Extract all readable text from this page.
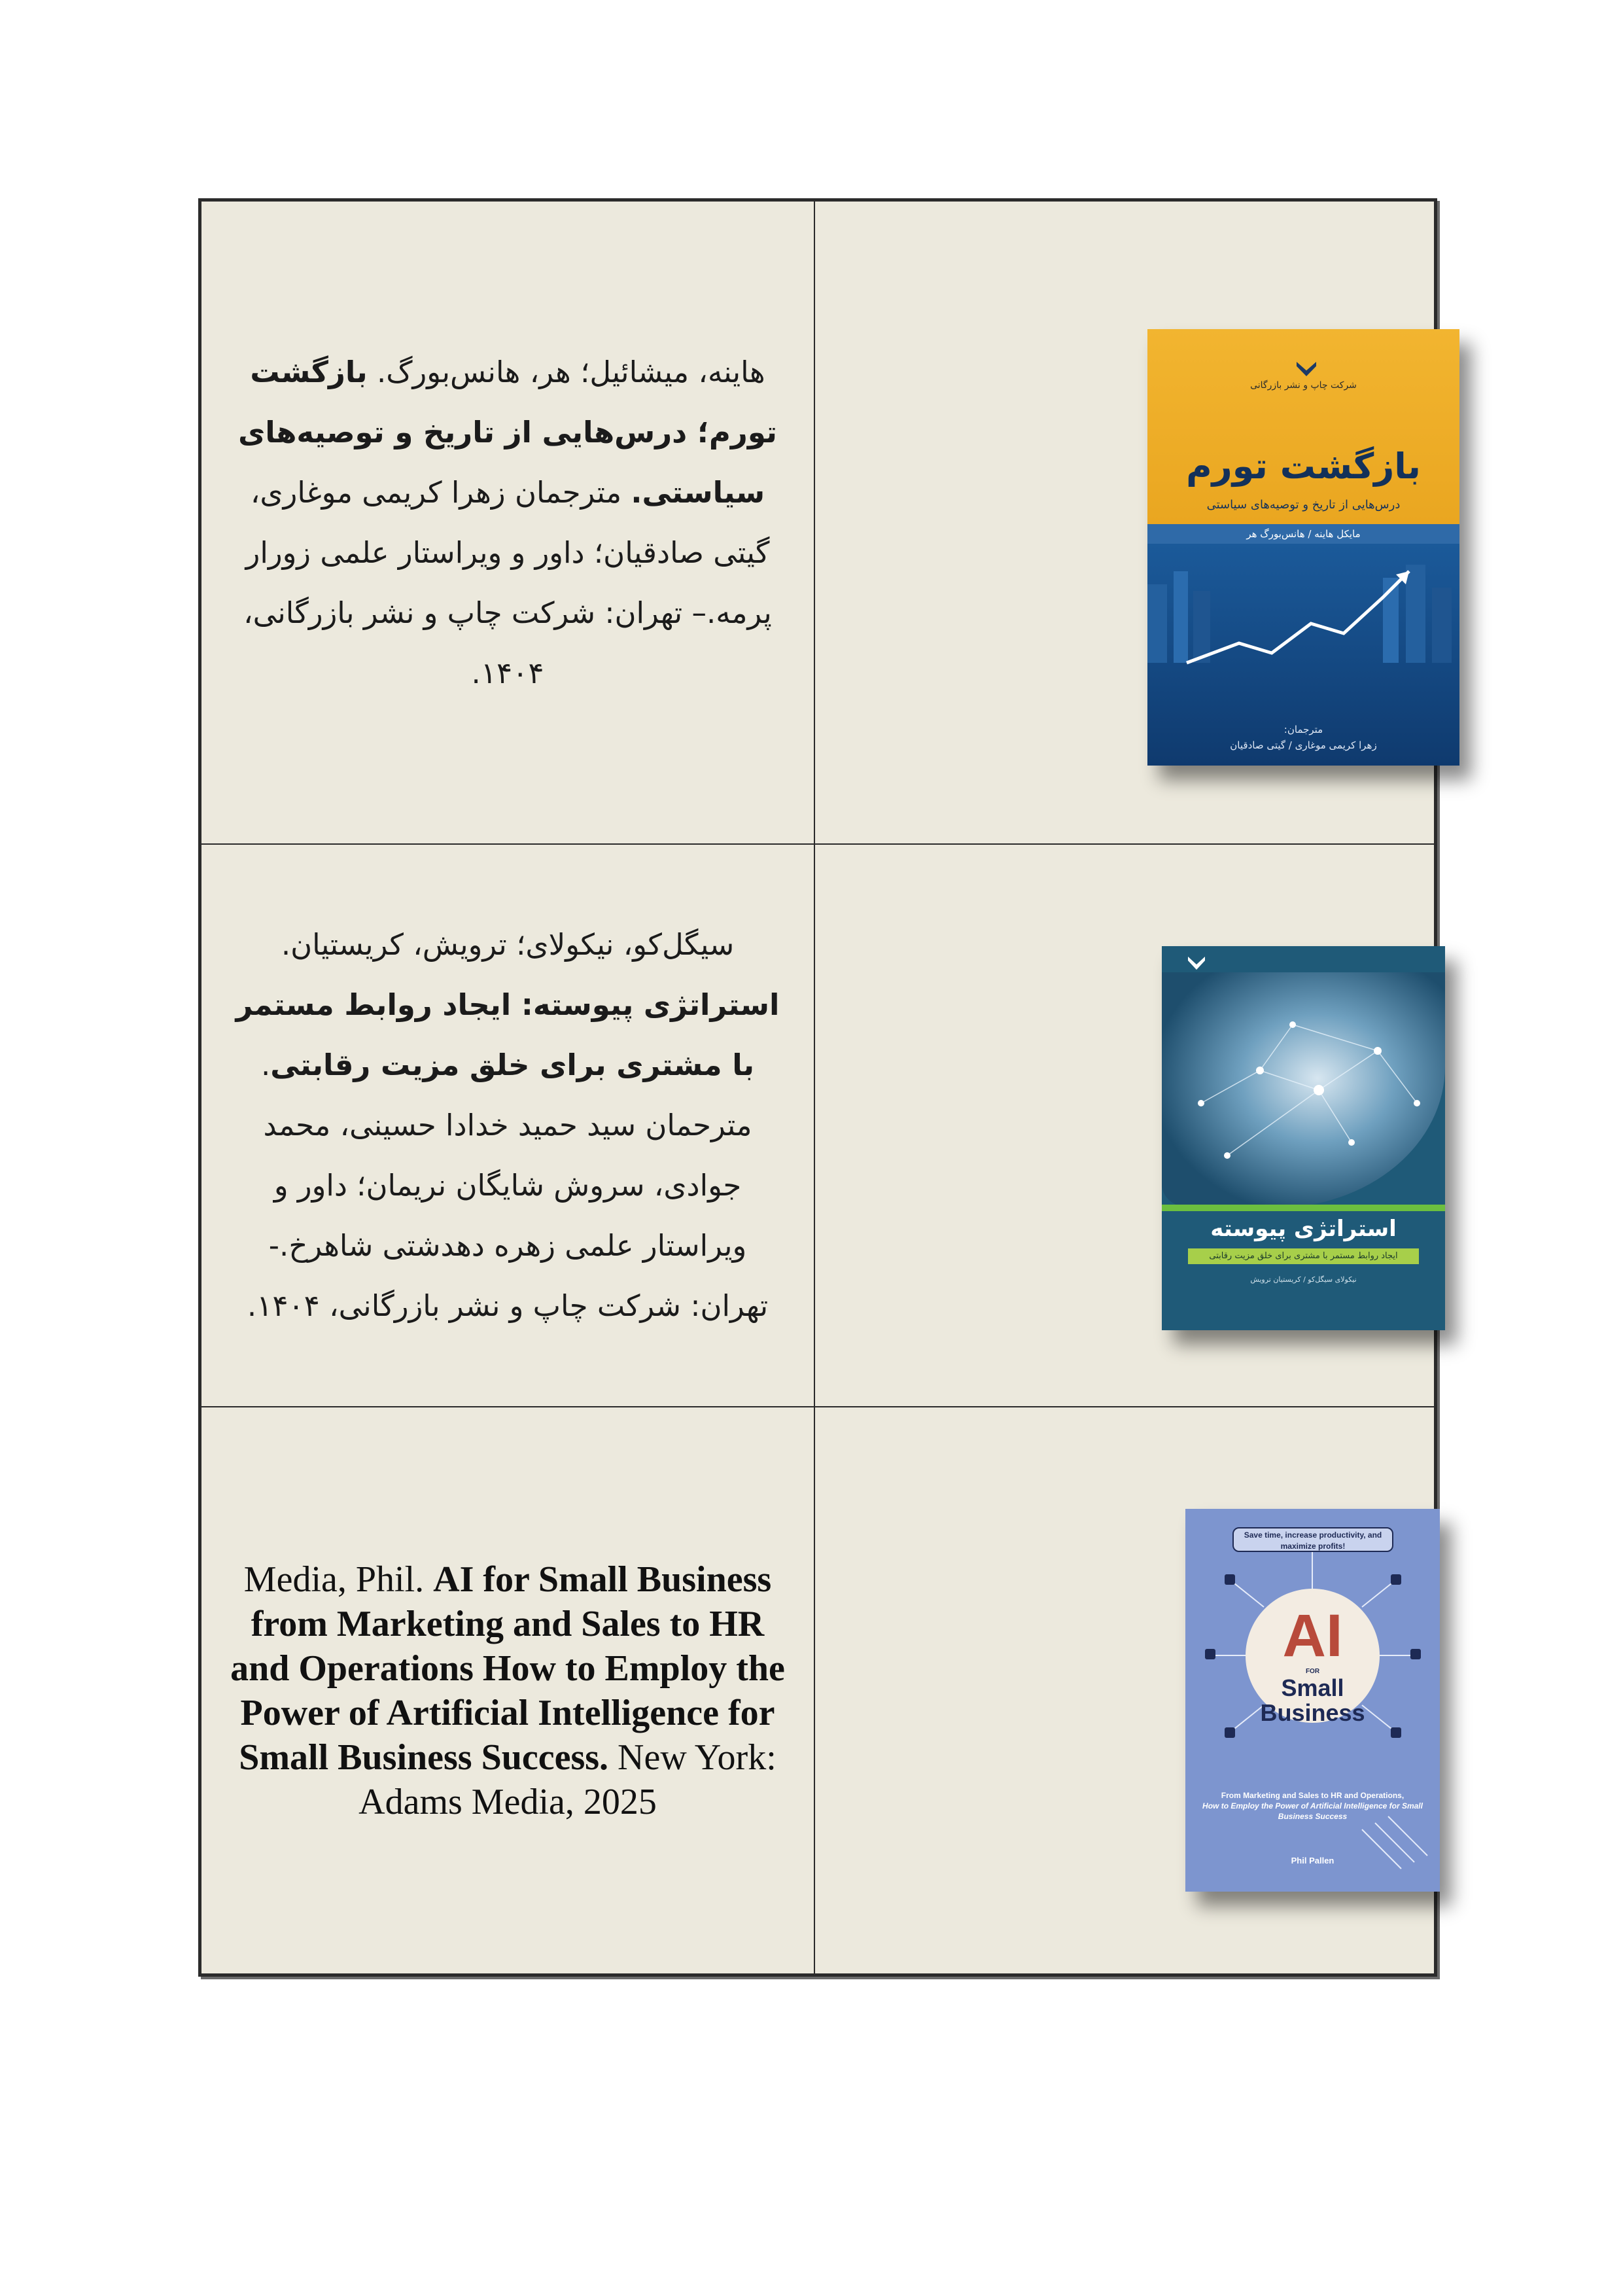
هاینه، میشائیل؛ هر، هانس‌بورگ. بازگشت تورم؛ درس‌هایی از تاریخ و توصیه‌های سیاستی. مترجمان زهرا کریمی موغاری، گیتی صادقیان؛ داور و ویراستار علمی زورار پرمه.– تهران: شرکت چاپ و نشر بازرگانی، ۱۴۰۴.
شرکت چاپ و نشر بازرگانی
بازگشت تورم
درس‌هایی از تاریخ و توصیه‌های سیاستی
مایکل هاینه / هانس‌بورگ هر
مترجمان:
زهرا کریمی موغاری / گیتی صادقیان
سیگل‌کو، نیکولای؛ ترویش، کریستیان. استراتژی پیوسته: ایجاد روابط مستمر با مشتری برای خلق مزیت رقابتی. مترحمان سید حمید خدادا حسینی، محمد جوادی، سروش شایگان نریمان؛ داور و ویراستار علمی زهره دهدشتی شاهرخ.- تهران: شرکت چاپ و نشر بازرگانی، ۱۴۰۴.
استراتژی پیوسته
ایجاد روابط مستمر با مشتری برای خلق مزیت رقابتی
نیکولای سیگل‌کو / کریستیان ترویش
Media, Phil. AI for Small Business from Marketing and Sales to HR and Operations How to Employ the Power of Artificial Intelligence for Small Business Success. New York: Adams Media, 2025
Save time, increase productivity, and maximize profits!
AI
FOR
Small Business
From Marketing and Sales to HR and Operations,
How to Employ the Power of Artificial Intelligence for Small Business Success
Phil Pallen
